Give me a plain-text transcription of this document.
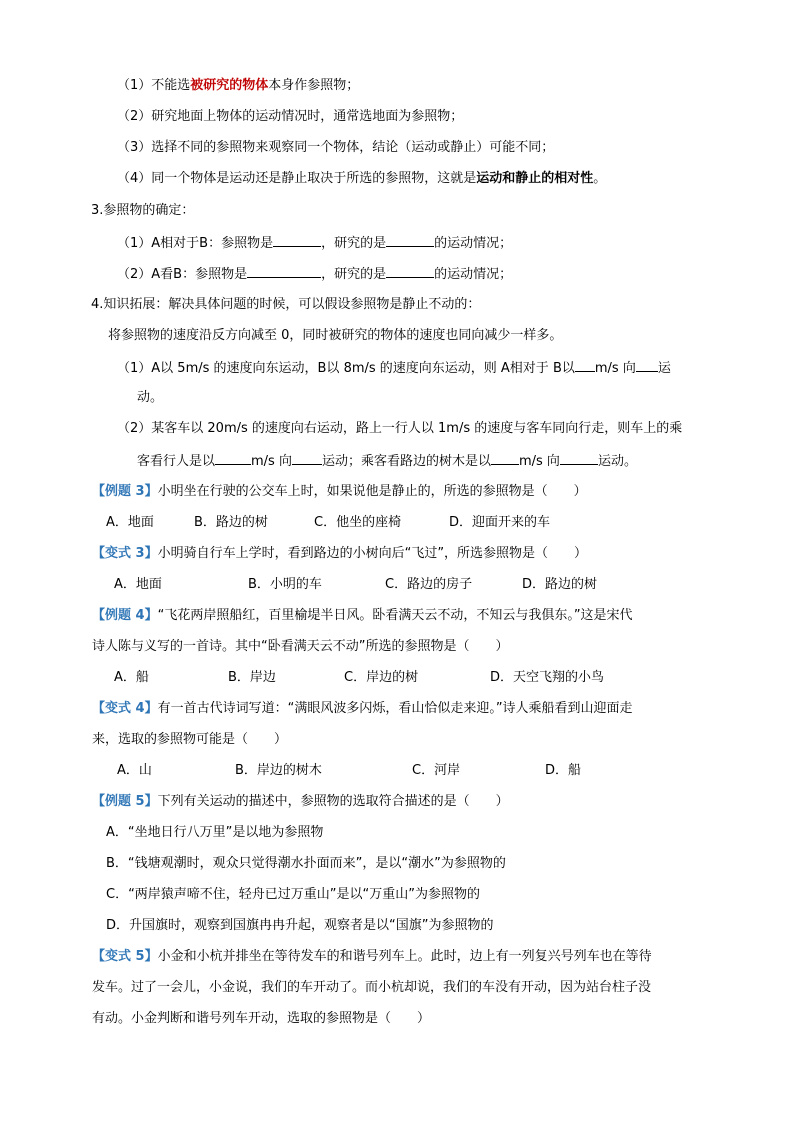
（1）不能选被研究的物体本身作参照物；
（2）研究地面上物体的运动情况时，通常选地面为参照物；
（3）选择不同的参照物来观察同一个物体，结论（运动或静止）可能不同；
（4）同一个物体是运动还是静止取决于所选的参照物，这就是运动和静止的相对性。
3.参照物的确定：
（1）A相对于B：参照物是	，研究的是	的运动情况；
（2）A看B：参照物是	，研究的是	的运动情况；
4.知识拓展：解决具体问题的时候，可以假设参照物是静止不动的：
将参照物的速度沿反方向减至 0，同时被研究的物体的速度也同向减少一样多。
（1）A以 5m/s 的速度向东运动，B以 8m/s 的速度向东运动，则 A相对于 B以 m/s 向 运
动。
（2）某客车以 20m/s 的速度向右运动，路上一行人以 1m/s 的速度与客车同向行走，则车上的乘
客看行人是以	m/s 向 运动；乘客看路边的树木是以 m/s 向	运动。
【例题 3】小明坐在行驶的公交车上时，如果说他是静止的，所选的参照物是（　　）
A．地面	B．路边的树	C．他坐的座椅	D．迎面开来的车
【变式 3】小明骑自行车上学时，看到路边的小树向后“飞过”，所选参照物是（　　）
A．地面	B．小明的车	C．路边的房子	D．路边的树
【例题 4】“飞花两岸照船红，百里榆堤半日风。卧看满天云不动，不知云与我俱东。”这是宋代
诗人陈与义写的一首诗。其中“卧看满天云不动”所选的参照物是（　　）
A．船	B．岸边	C．岸边的树	D．天空飞翔的小鸟
【变式 4】有一首古代诗词写道：“满眼风波多闪烁，看山恰似走来迎。”诗人乘船看到山迎面走
来，选取的参照物可能是（　　）
A．山	B．岸边的树木	C．河岸	D．船
【例题 5】下列有关运动的描述中，参照物的选取符合描述的是（　　）
A．“坐地日行八万里”是以地为参照物
B．“钱塘观潮时，观众只觉得潮水扑面而来”，是以“潮水”为参照物的
C．“两岸猿声啼不住，轻舟已过万重山”是以“万重山”为参照物的
D．升国旗时，观察到国旗冉冉升起，观察者是以“国旗”为参照物的
【变式 5】小金和小杭并排坐在等待发车的和谐号列车上。此时，边上有一列复兴号列车也在等待
发车。过了一会儿，小金说，我们的车开动了。而小杭却说，我们的车没有开动，因为站台柱子没
有动。小金判断和谐号列车开动，选取的参照物是（　　）
